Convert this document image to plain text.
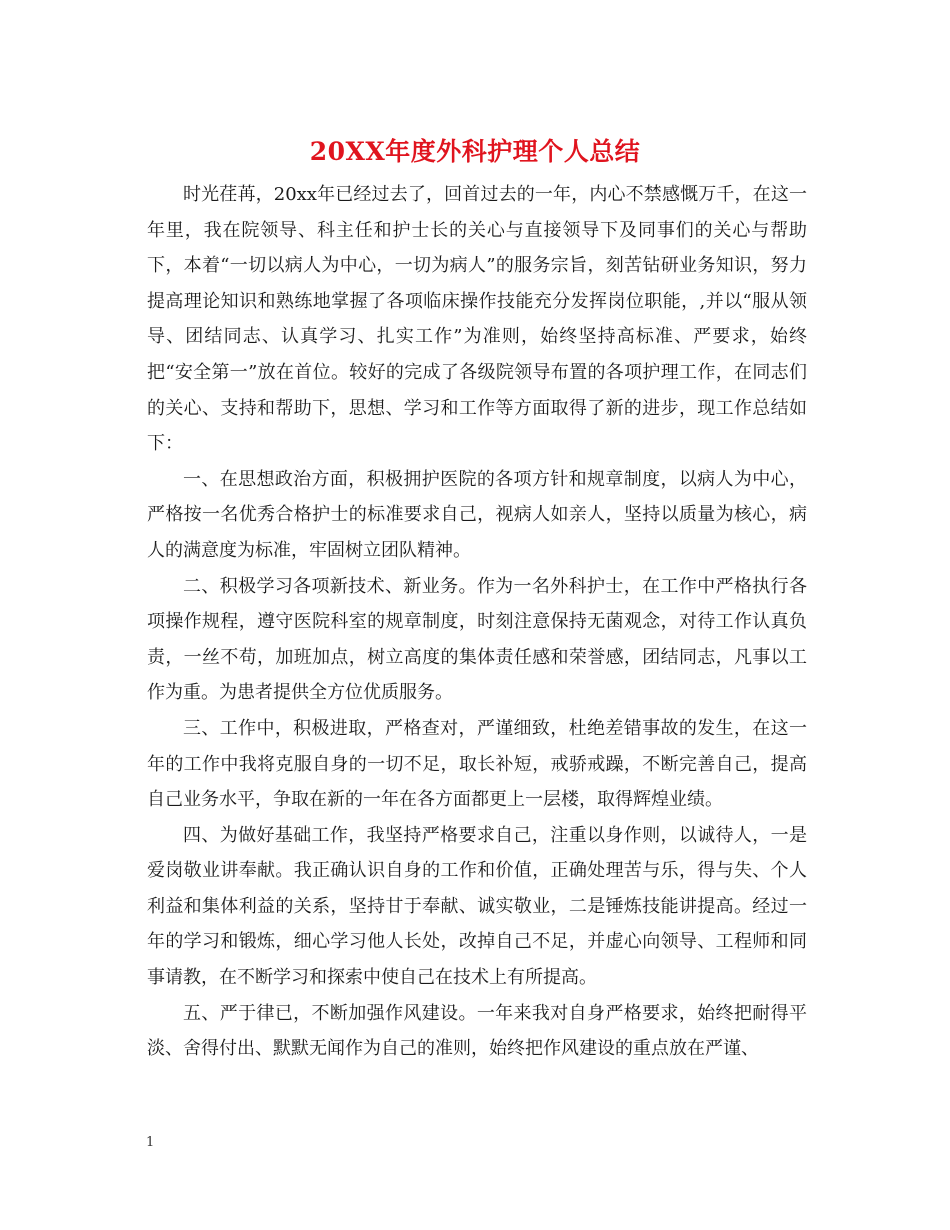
20XX年度外科护理个人总结

时光荏苒，20xx年已经过去了，回首过去的一年，内心不禁感慨万千，在这一年里，我在院领导、科主任和护士长的关心与直接领导下及同事们的关心与帮助下，本着“一切以病人为中心，一切为病人”的服务宗旨，刻苦钻研业务知识，努力提高理论知识和熟练地掌握了各项临床操作技能充分发挥岗位职能，,并以“服从领导、团结同志、认真学习、扎实工作”为准则，始终坚持高标准、严要求，始终把“安全第一”放在首位。较好的完成了各级院领导布置的各项护理工作，在同志们的关心、支持和帮助下，思想、学习和工作等方面取得了新的进步，现工作总结如下：

一、在思想政治方面，积极拥护医院的各项方针和规章制度，以病人为中心，严格按一名优秀合格护士的标准要求自己，视病人如亲人，坚持以质量为核心，病人的满意度为标准，牢固树立团队精神。

二、积极学习各项新技术、新业务。作为一名外科护士，在工作中严格执行各项操作规程，遵守医院科室的规章制度，时刻注意保持无菌观念，对待工作认真负责，一丝不苟，加班加点，树立高度的集体责任感和荣誉感，团结同志，凡事以工作为重。为患者提供全方位优质服务。

三、工作中，积极进取，严格查对，严谨细致，杜绝差错事故的发生，在这一年的工作中我将克服自身的一切不足，取长补短，戒骄戒躁，不断完善自己，提高自己业务水平，争取在新的一年在各方面都更上一层楼，取得辉煌业绩。

四、为做好基础工作，我坚持严格要求自己，注重以身作则，以诚待人，一是爱岗敬业讲奉献。我正确认识自身的工作和价值，正确处理苦与乐，得与失、个人利益和集体利益的关系，坚持甘于奉献、诚实敬业，二是锤炼技能讲提高。经过一年的学习和锻炼，细心学习他人长处，改掉自己不足，并虚心向领导、工程师和同事请教，在不断学习和探索中使自己在技术上有所提高。

五、严于律已，不断加强作风建设。一年来我对自身严格要求，始终把耐得平淡、舍得付出、默默无闻作为自己的准则，始终把作风建设的重点放在严谨、

1
